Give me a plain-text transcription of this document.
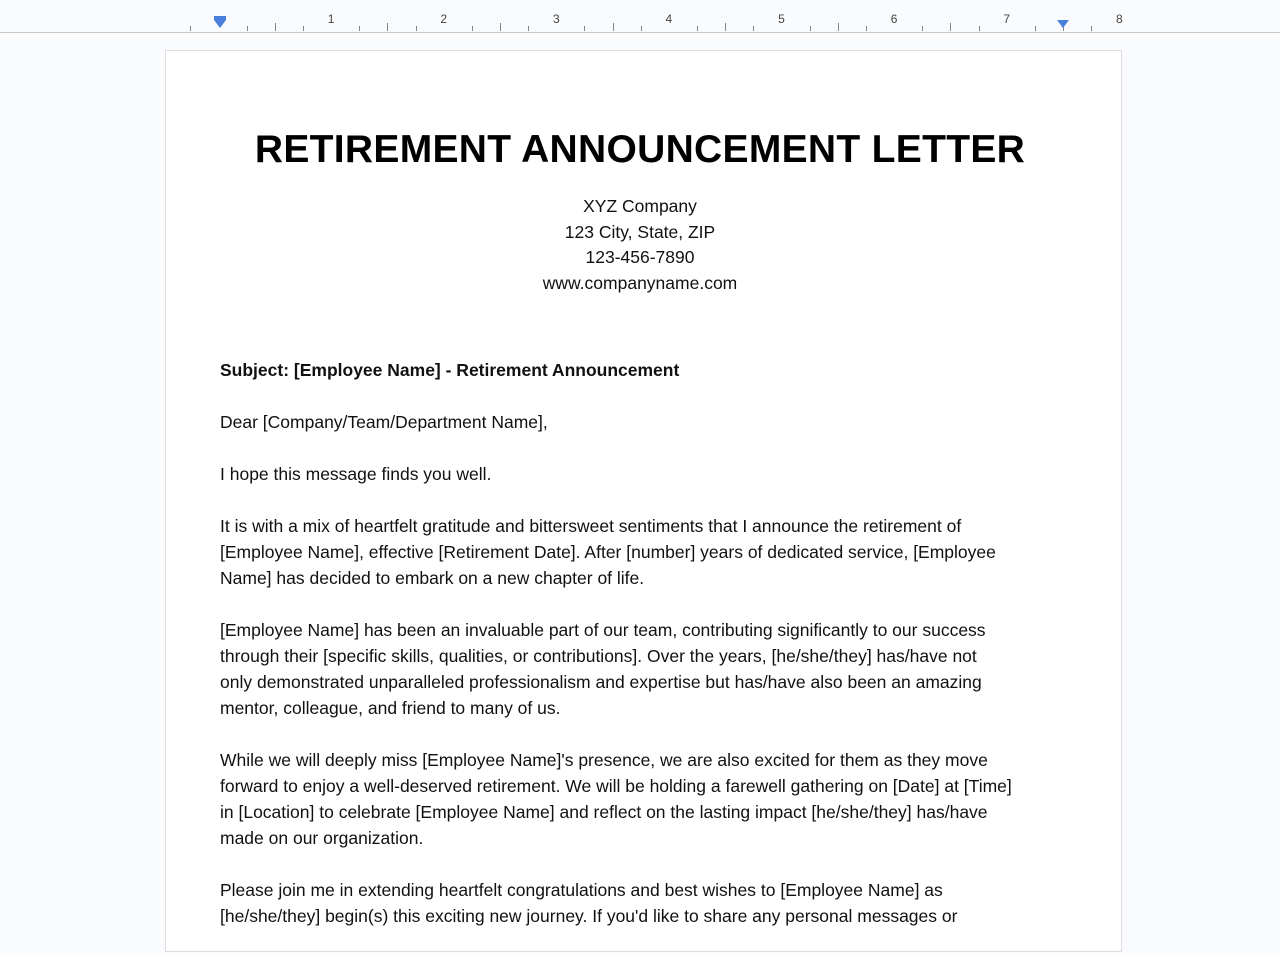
1	2	3	4	5	6	7	8
RETIREMENT ANNOUNCEMENT LETTER
XYZ Company
123 City, State, ZIP
123-456-7890
www.companyname.com

Subject: [Employee Name] - Retirement Announcement

Dear [Company/Team/Department Name],

I hope this message finds you well.

It is with a mix of heartfelt gratitude and bittersweet sentiments that I announce the retirement of
[Employee Name], effective [Retirement Date]. After [number] years of dedicated service, [Employee
Name] has decided to embark on a new chapter of life.

[Employee Name] has been an invaluable part of our team, contributing significantly to our success
through their [specific skills, qualities, or contributions]. Over the years, [he/she/they] has/have not
only demonstrated unparalleled professionalism and expertise but has/have also been an amazing
mentor, colleague, and friend to many of us.

While we will deeply miss [Employee Name]'s presence, we are also excited for them as they move
forward to enjoy a well-deserved retirement. We will be holding a farewell gathering on [Date] at [Time]
in [Location] to celebrate [Employee Name] and reflect on the lasting impact [he/she/they] has/have
made on our organization.

Please join me in extending heartfelt congratulations and best wishes to [Employee Name] as
[he/she/they] begin(s) this exciting new journey. If you'd like to share any personal messages or
